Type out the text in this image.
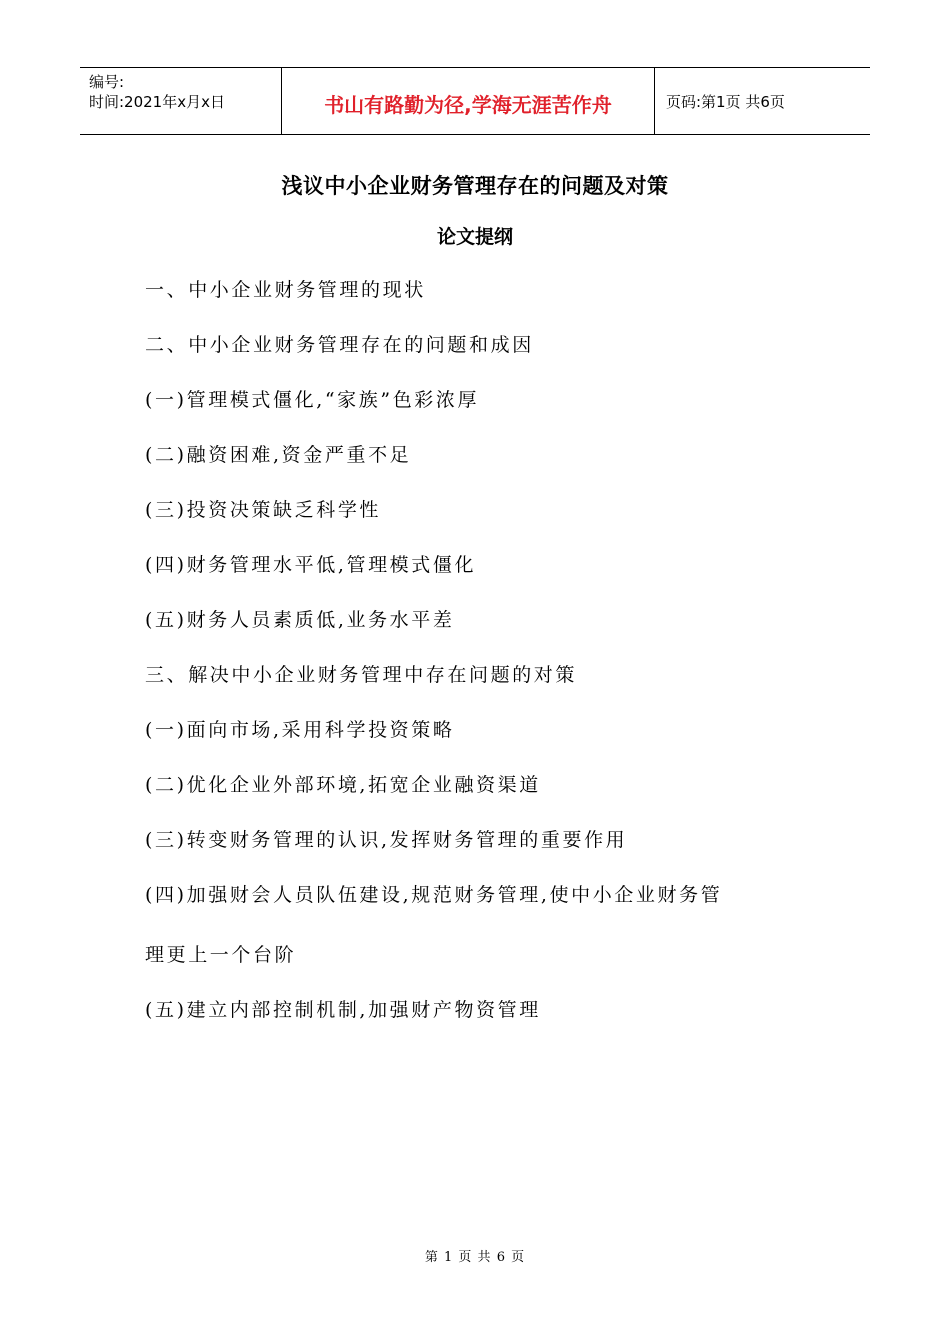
编号:
时间:2021年x月x日	书山有路勤为径,学海无涯苦作舟	页码:第1页 共6页
浅议中小企业财务管理存在的问题及对策
论文提纲
一、中小企业财务管理的现状
二、中小企业财务管理存在的问题和成因
(一)管理模式僵化,“家族”色彩浓厚
(二)融资困难,资金严重不足
(三)投资决策缺乏科学性
(四)财务管理水平低,管理模式僵化
(五)财务人员素质低,业务水平差
三、解决中小企业财务管理中存在问题的对策
(一)面向市场,采用科学投资策略
(二)优化企业外部环境,拓宽企业融资渠道
(三)转变财务管理的认识,发挥财务管理的重要作用
(四)加强财会人员队伍建设,规范财务管理,使中小企业财务管
理更上一个台阶
(五)建立内部控制机制,加强财产物资管理
第 1 页 共 6 页
